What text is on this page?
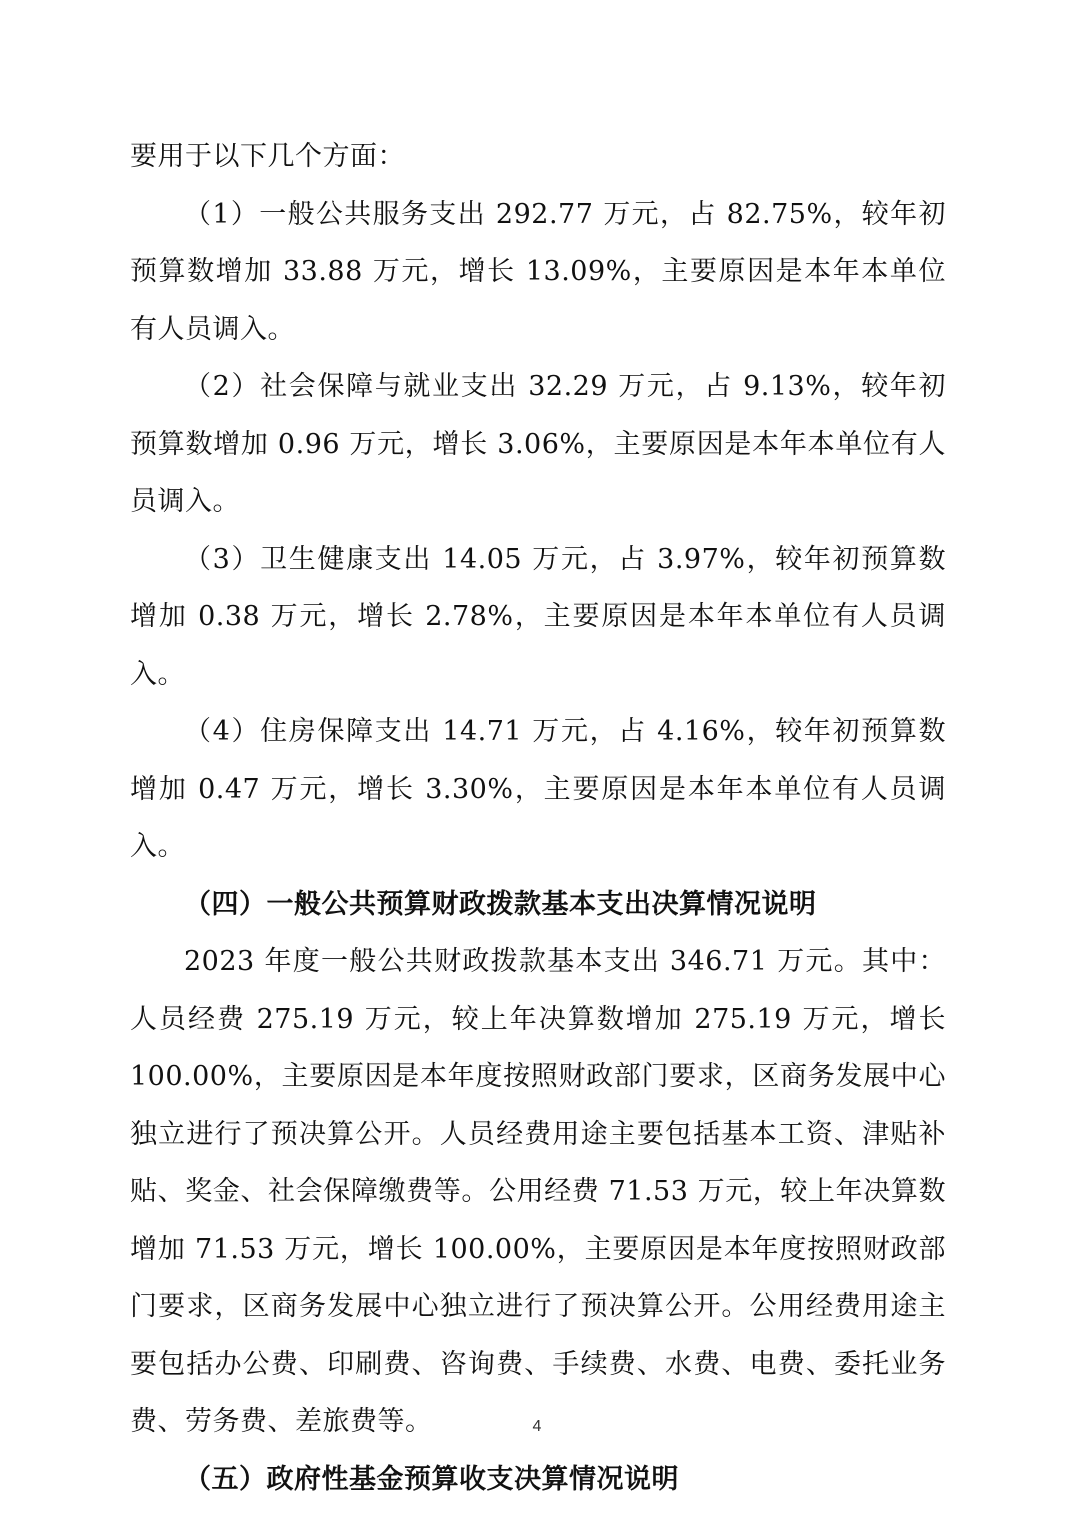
要用于以下几个方面：

（1）一般公共服务支出 292.77 万元，占 82.75%，较年初预算数增加 33.88 万元，增长 13.09%，主要原因是本年本单位有人员调入。

（2）社会保障与就业支出 32.29 万元，占 9.13%，较年初预算数增加 0.96 万元，增长 3.06%，主要原因是本年本单位有人员调入。

（3）卫生健康支出 14.05 万元，占 3.97%，较年初预算数增加 0.38 万元，增长 2.78%，主要原因是本年本单位有人员调入。

（4）住房保障支出 14.71 万元，占 4.16%，较年初预算数增加 0.47 万元，增长 3.30%，主要原因是本年本单位有人员调入。

（四）一般公共预算财政拨款基本支出决算情况说明

2023 年度一般公共财政拨款基本支出 346.71 万元。其中：人员经费 275.19 万元，较上年决算数增加 275.19 万元，增长 100.00%，主要原因是本年度按照财政部门要求，区商务发展中心独立进行了预决算公开。人员经费用途主要包括基本工资、津贴补贴、奖金、社会保障缴费等。公用经费 71.53 万元，较上年决算数增加 71.53 万元，增长 100.00%，主要原因是本年度按照财政部门要求，区商务发展中心独立进行了预决算公开。公用经费用途主要包括办公费、印刷费、咨询费、手续费、水费、电费、委托业务费、劳务费、差旅费等。

（五）政府性基金预算收支决算情况说明
4
